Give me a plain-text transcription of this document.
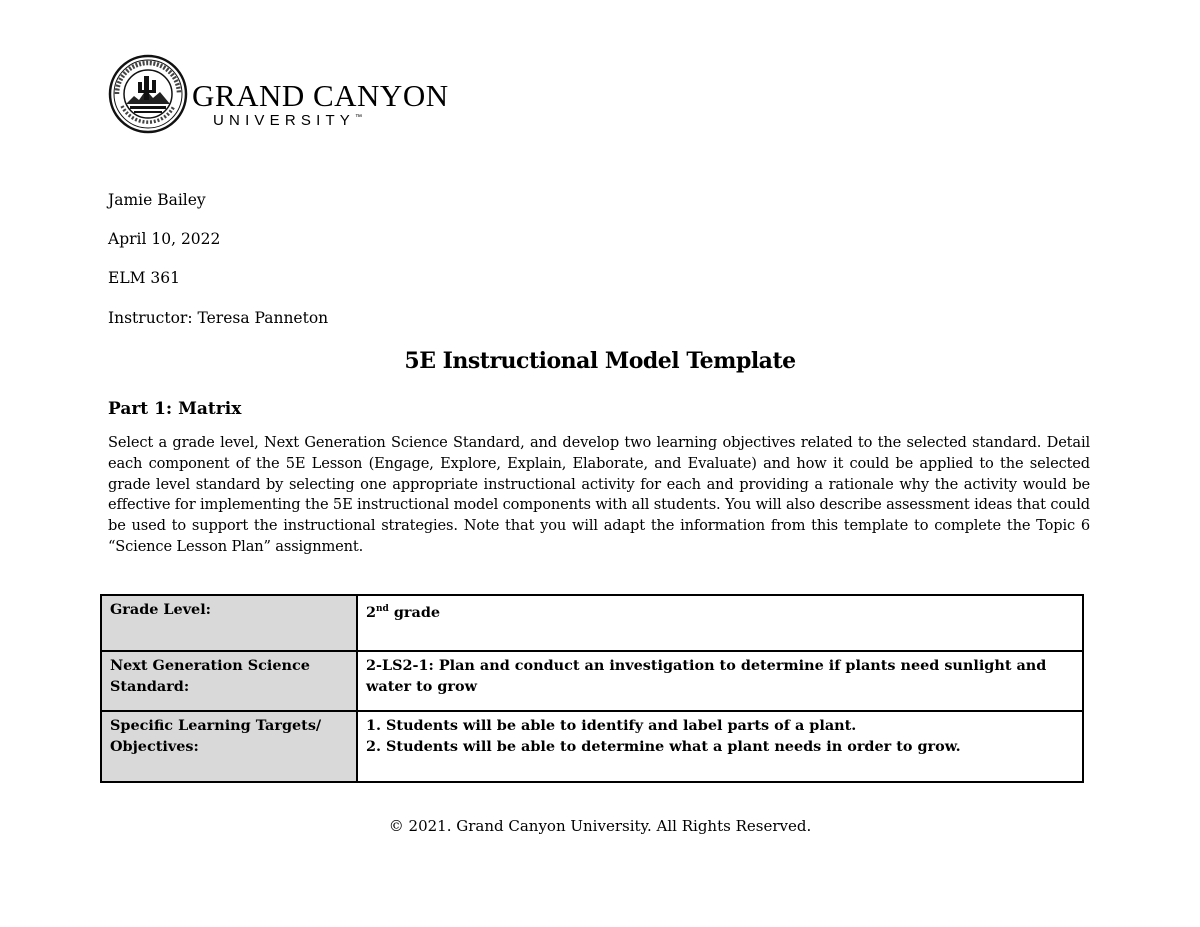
GRAND CANYON
UNIVERSITY™
Jamie Bailey
April 10, 2022
ELM 361
Instructor: Teresa Panneton
5E Instructional Model Template
Part 1: Matrix

Select a grade level, Next Generation Science Standard, and develop two learning objectives related to the selected standard. Detail each component of the 5E Lesson (Engage, Explore, Explain, Elaborate, and Evaluate) and how it could be applied to the selected grade level standard by selecting one appropriate instructional activity for each and providing a rationale why the activity would be effective for implementing the 5E instructional model components with all students. You will also describe assessment ideas that could be used to support the instructional strategies. Note that you will adapt the information from this template to complete the Topic 6 “Science Lesson Plan” assignment.

Grade Level:	2nd grade
Next Generation Science Standard:	2-LS2-1: Plan and conduct an investigation to determine if plants need sunlight and water to grow
Specific Learning Targets/ Objectives:	1. Students will be able to identify and label parts of a plant.
2. Students will be able to determine what a plant needs in order to grow.
© 2021. Grand Canyon University. All Rights Reserved.
